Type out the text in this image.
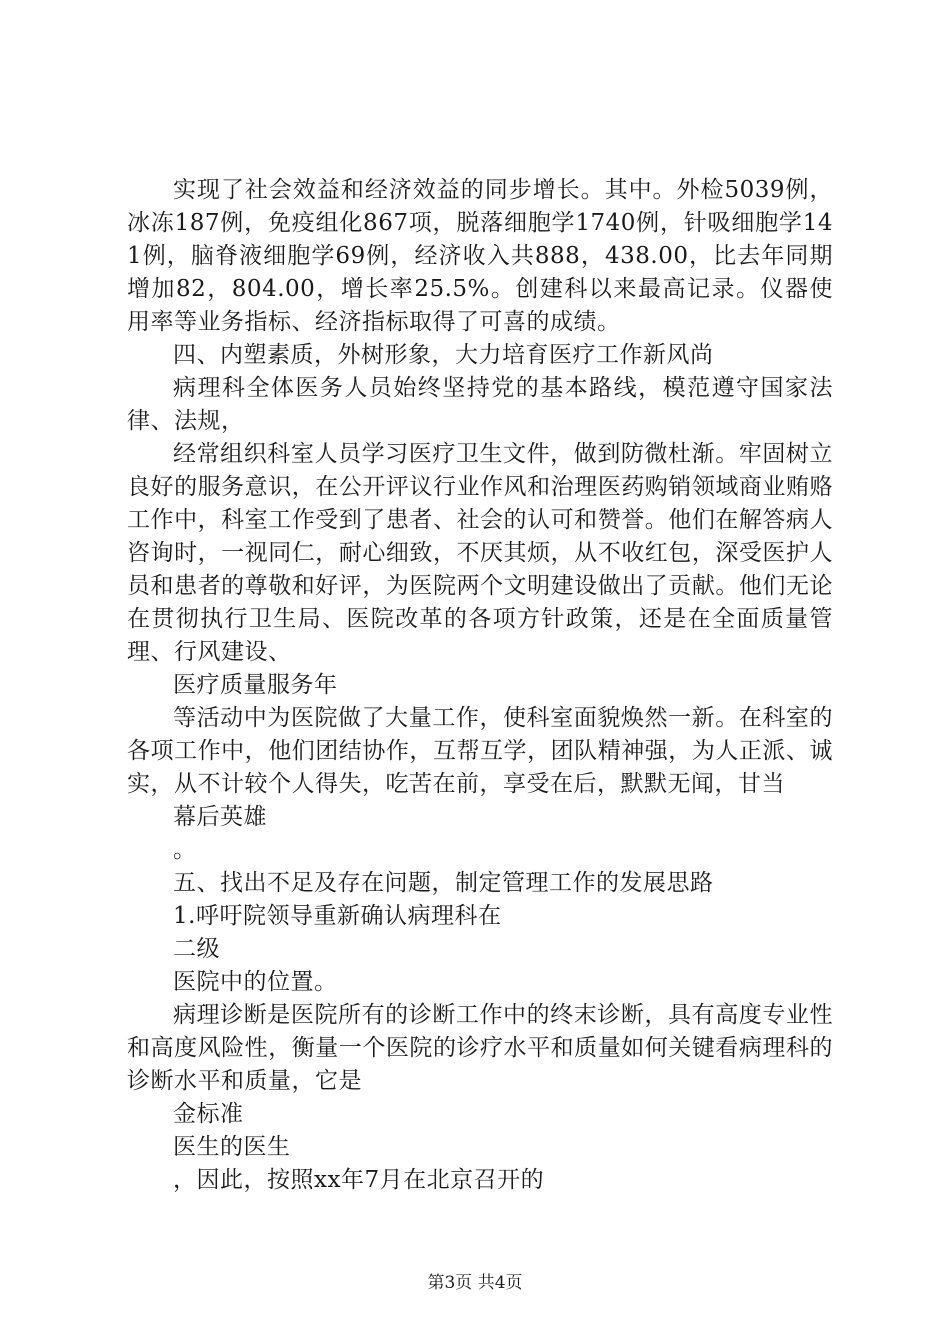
实现了社会效益和经济效益的同步增长。其中。外检5039例，冰冻187例，免疫组化867项，脱落细胞学1740例，针吸细胞学141例，脑脊液细胞学69例，经济收入共888，438.00，比去年同期增加82，804.00，增长率25.5%。创建科以来最高记录。仪器使用率等业务指标、经济指标取得了可喜的成绩。

四、内塑素质，外树形象，大力培育医疗工作新风尚

病理科全体医务人员始终坚持党的基本路线，模范遵守国家法律、法规，

经常组织科室人员学习医疗卫生文件，做到防微杜渐。牢固树立良好的服务意识，在公开评议行业作风和治理医药购销领域商业贿赂工作中，科室工作受到了患者、社会的认可和赞誉。他们在解答病人咨询时，一视同仁，耐心细致，不厌其烦，从不收红包，深受医护人员和患者的尊敬和好评，为医院两个文明建设做出了贡献。他们无论在贯彻执行卫生局、医院改革的各项方针政策，还是在全面质量管理、行风建设、

医疗质量服务年

等活动中为医院做了大量工作，使科室面貌焕然一新。在科室的各项工作中，他们团结协作，互帮互学，团队精神强，为人正派、诚实，从不计较个人得失，吃苦在前，享受在后，默默无闻，甘当

幕后英雄

。

五、找出不足及存在问题，制定管理工作的发展思路

1.呼吁院领导重新确认病理科在

二级

医院中的位置。

病理诊断是医院所有的诊断工作中的终末诊断，具有高度专业性和高度风险性，衡量一个医院的诊疗水平和质量如何关键看病理科的诊断水平和质量，它是

金标准

医生的医生

，因此，按照xx年7月在北京召开的

第3页 共4页
